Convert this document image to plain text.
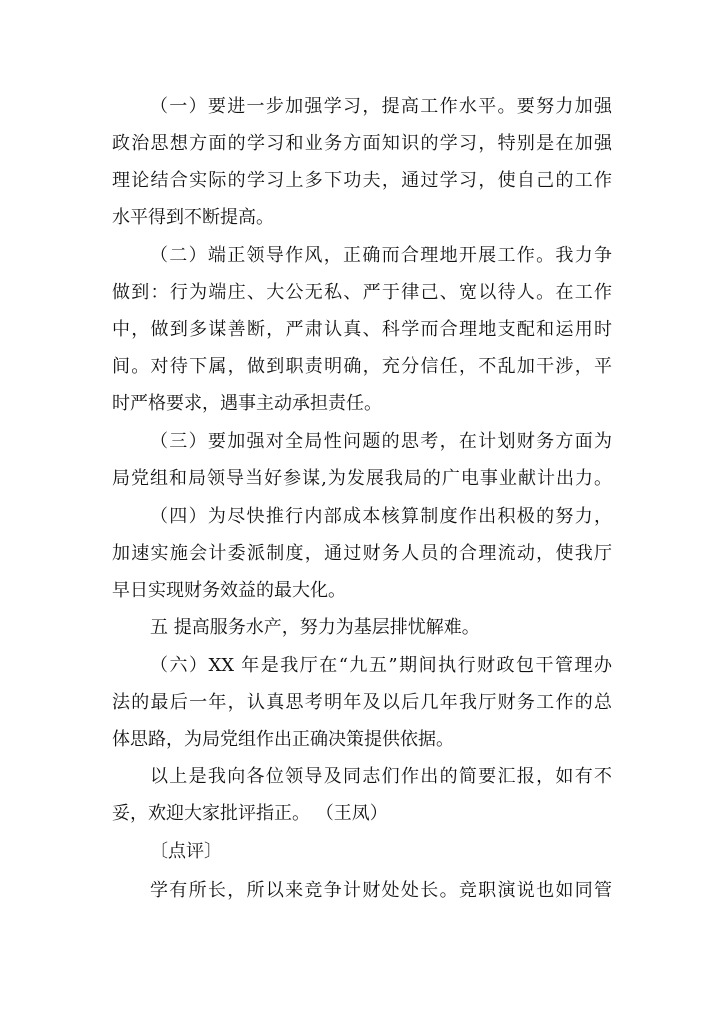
（一）要进一步加强学习，提高工作水平。要努力加强
政治思想方面的学习和业务方面知识的学习，特别是在加强
理论结合实际的学习上多下功夫，通过学习，使自己的工作
水平得到不断提高。
（二）端正领导作风，正确而合理地开展工作。我力争
做到：行为端庄、大公无私、严于律己、宽以待人。在工作
中，做到多谋善断，严肃认真、科学而合理地支配和运用时
间。对待下属，做到职责明确，充分信任，不乱加干涉，平
时严格要求，遇事主动承担责任。
（三）要加强对全局性问题的思考，在计划财务方面为
局党组和局领导当好参谋,为发展我局的广电事业献计出力。
（四）为尽快推行内部成本核算制度作出积极的努力，
加速实施会计委派制度，通过财务人员的合理流动，使我厅
早日实现财务效益的最大化。
五 提高服务水产，努力为基层排忧解难。
（六）XX 年是我厅在“九五”期间执行财政包干管理办
法的最后一年，认真思考明年及以后几年我厅财务工作的总
体思路，为局党组作出正确决策提供依据。
以上是我向各位领导及同志们作出的简要汇报，如有不
妥，欢迎大家批评指正。 （王凤）
〔点评〕
学有所长，所以来竞争计财处处长。竞职演说也如同管
